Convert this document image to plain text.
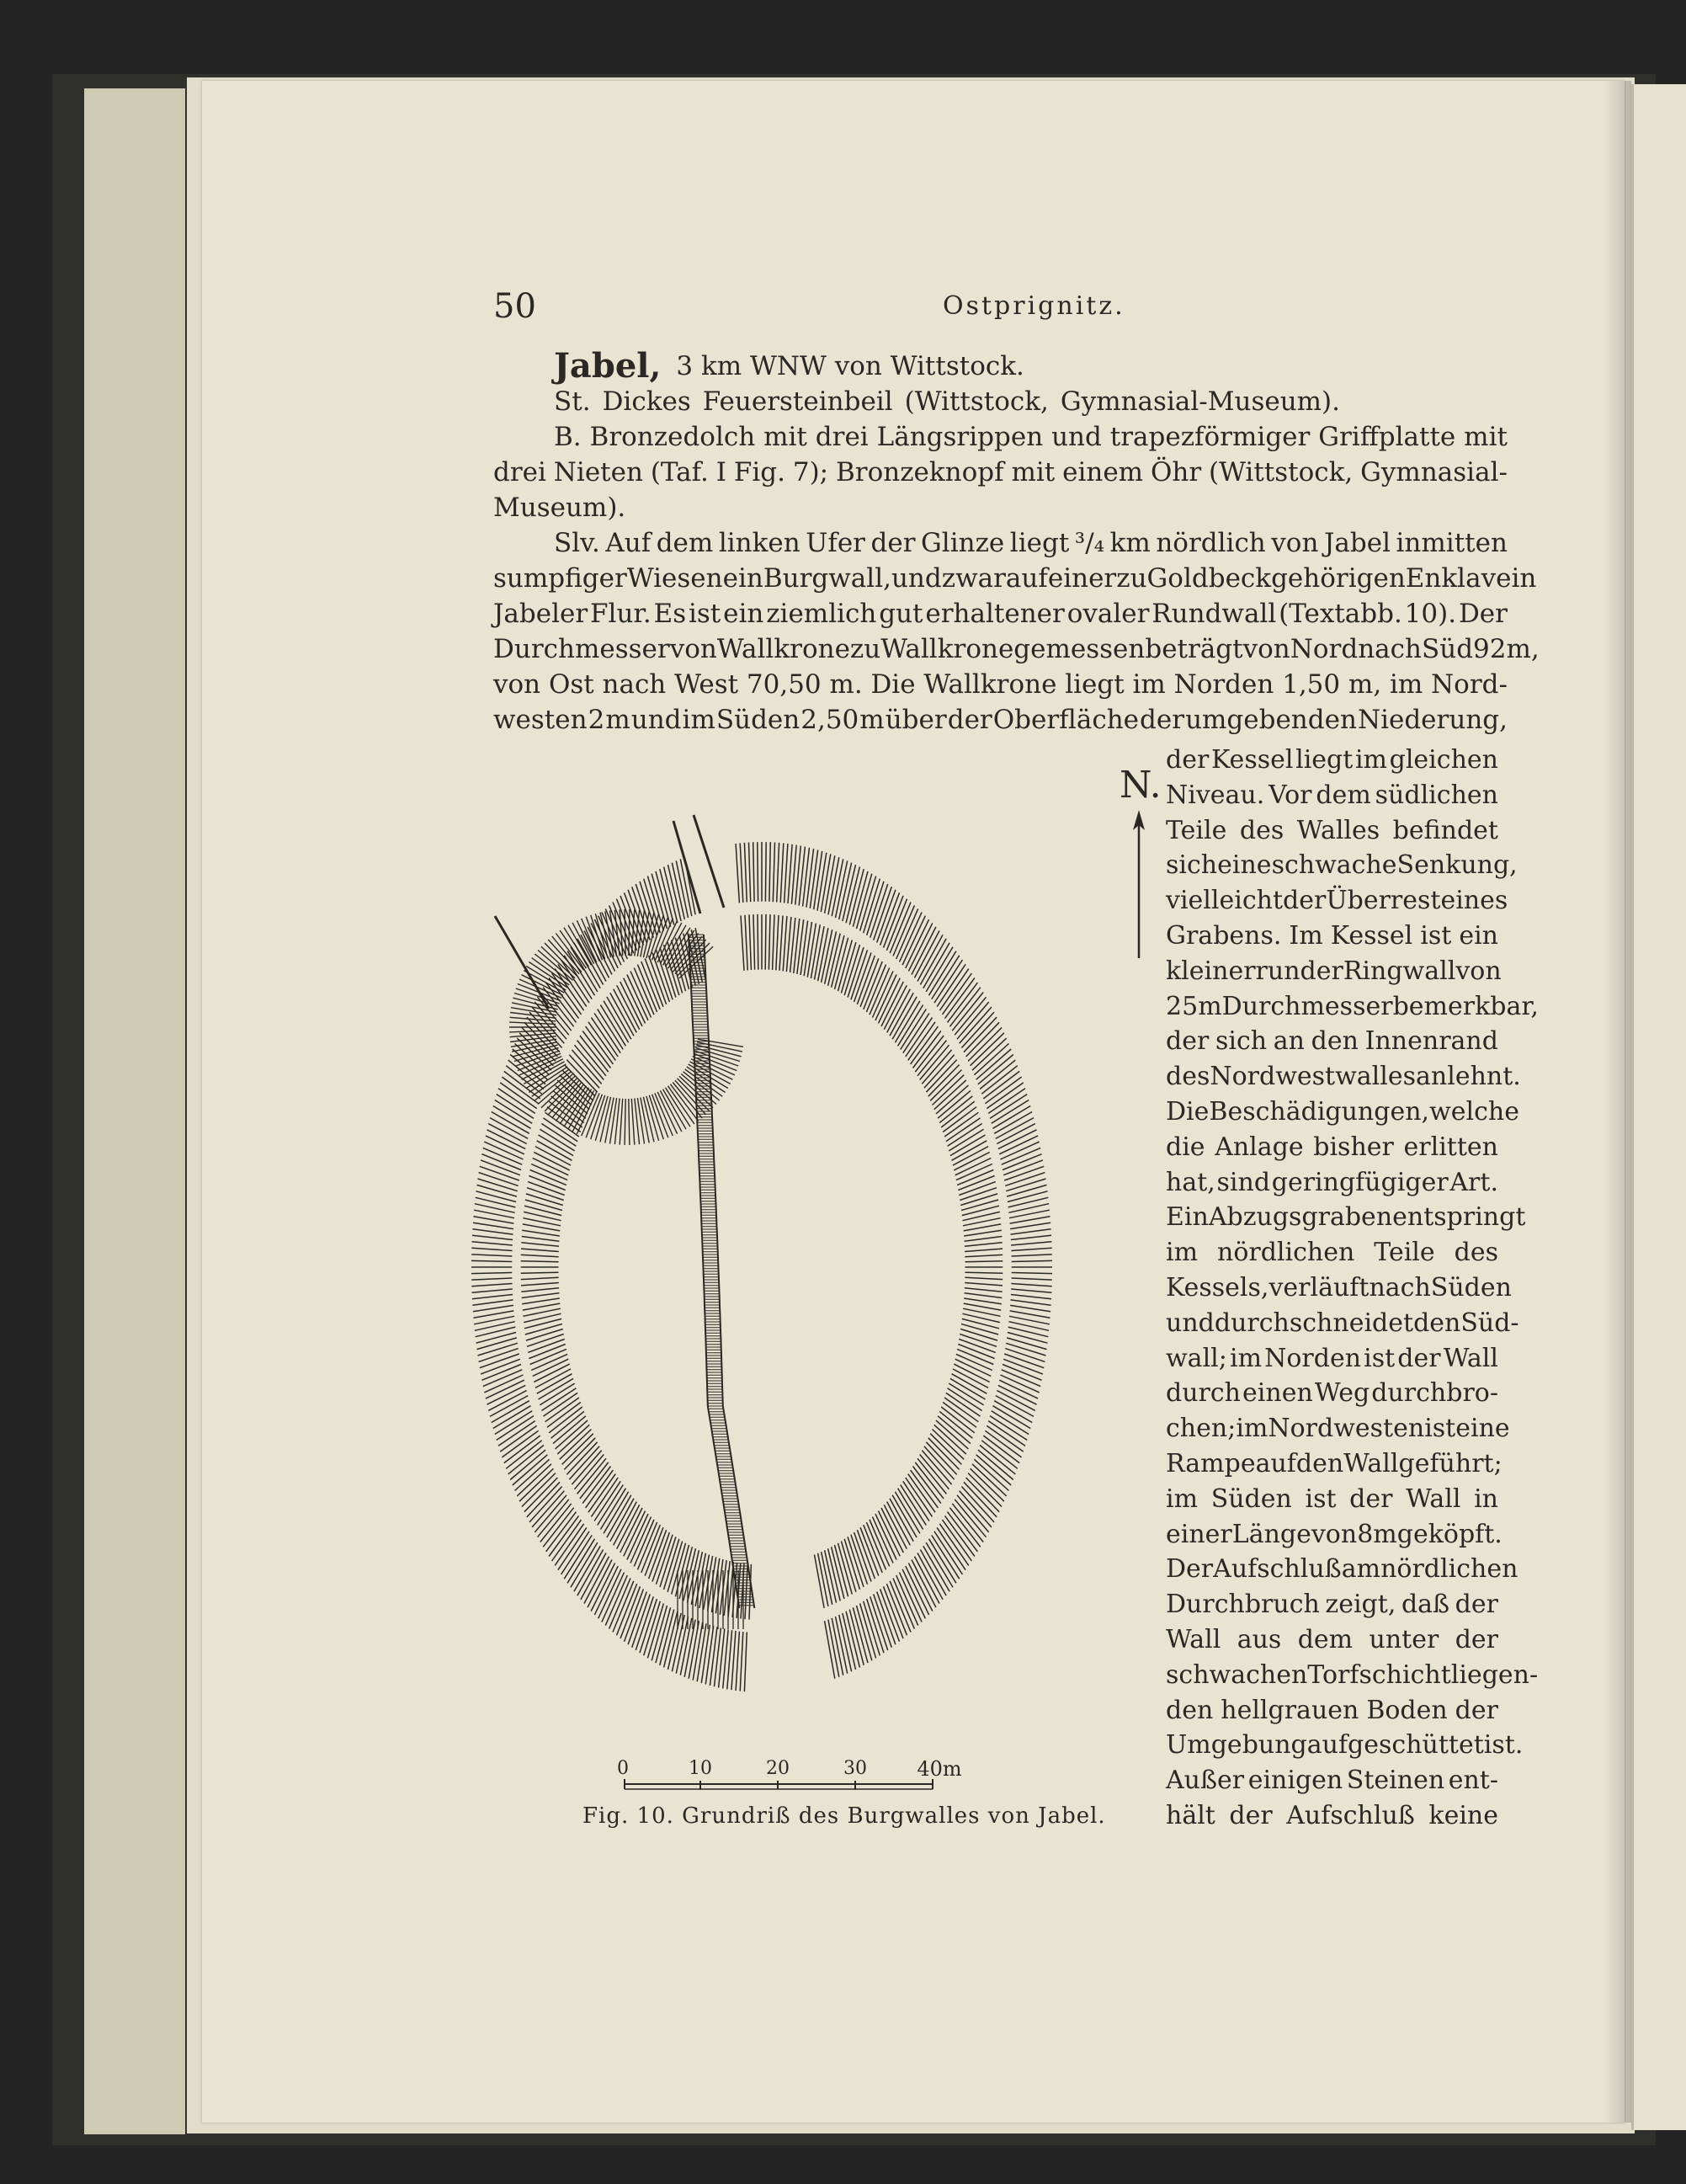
50	Ostprignitz.
Jabel, 3 km WNW von Wittstock.
St. Dickes Feuersteinbeil (Wittstock, Gymnasial-Museum).
B. Bronzedolch mit drei Längsrippen und trapezförmiger Griffplatte mit
drei Nieten (Taf. I Fig. 7); Bronzeknopf mit einem Öhr (Wittstock, Gymnasial-
Museum).
Slv. Auf dem linken Ufer der Glinze liegt ³/₄ km nördlich von Jabel inmitten
sumpfiger Wiesen ein Burgwall, und zwar auf einer zu Goldbeck gehörigen Enklave in
Jabeler Flur. Es ist ein ziemlich gut erhaltener ovaler Rundwall (Textabb. 10). Der
Durchmesser von Wallkrone zu Wallkrone gemessen beträgt von Nord nach Süd 92 m,
von Ost nach West 70,50 m. Die Wallkrone liegt im Norden 1,50 m, im Nord-
westen 2 m und im Süden 2,50 m über der Oberfläche der umgebenden Niederung,
N.
der Kessel liegt im gleichen
Niveau. Vor dem südlichen
Teile des Walles befindet
sich eine schwache Senkung,
vielleicht der Überrest eines
Grabens. Im Kessel ist ein
kleiner runder Ringwall von
25 m Durchmesser bemerkbar,
der sich an den Innenrand
des Nordwestwalles anlehnt.
Die Beschädigungen, welche
die Anlage bisher erlitten
hat, sind geringfügiger Art.
Ein Abzugsgraben entspringt
im nördlichen Teile des
Kessels, verläuft nach Süden
und durchschneidet den Süd-
wall; im Norden ist der Wall
durch einen Weg durchbro-
chen; im Nordwesten ist eine
Rampe auf den Wall geführt;
im Süden ist der Wall in
einer Länge von 8 m geköpft.
Der Aufschluß am nördlichen
Durchbruch zeigt, daß der
Wall aus dem unter der
schwachen Torfschicht liegen-
den hellgrauen Boden der
Umgebung aufgeschüttet ist.
Außer einigen Steinen ent-
hält der Aufschluß keine
0	10	20	30 40m
Fig. 10. Grundriß des Burgwalles von Jabel.
